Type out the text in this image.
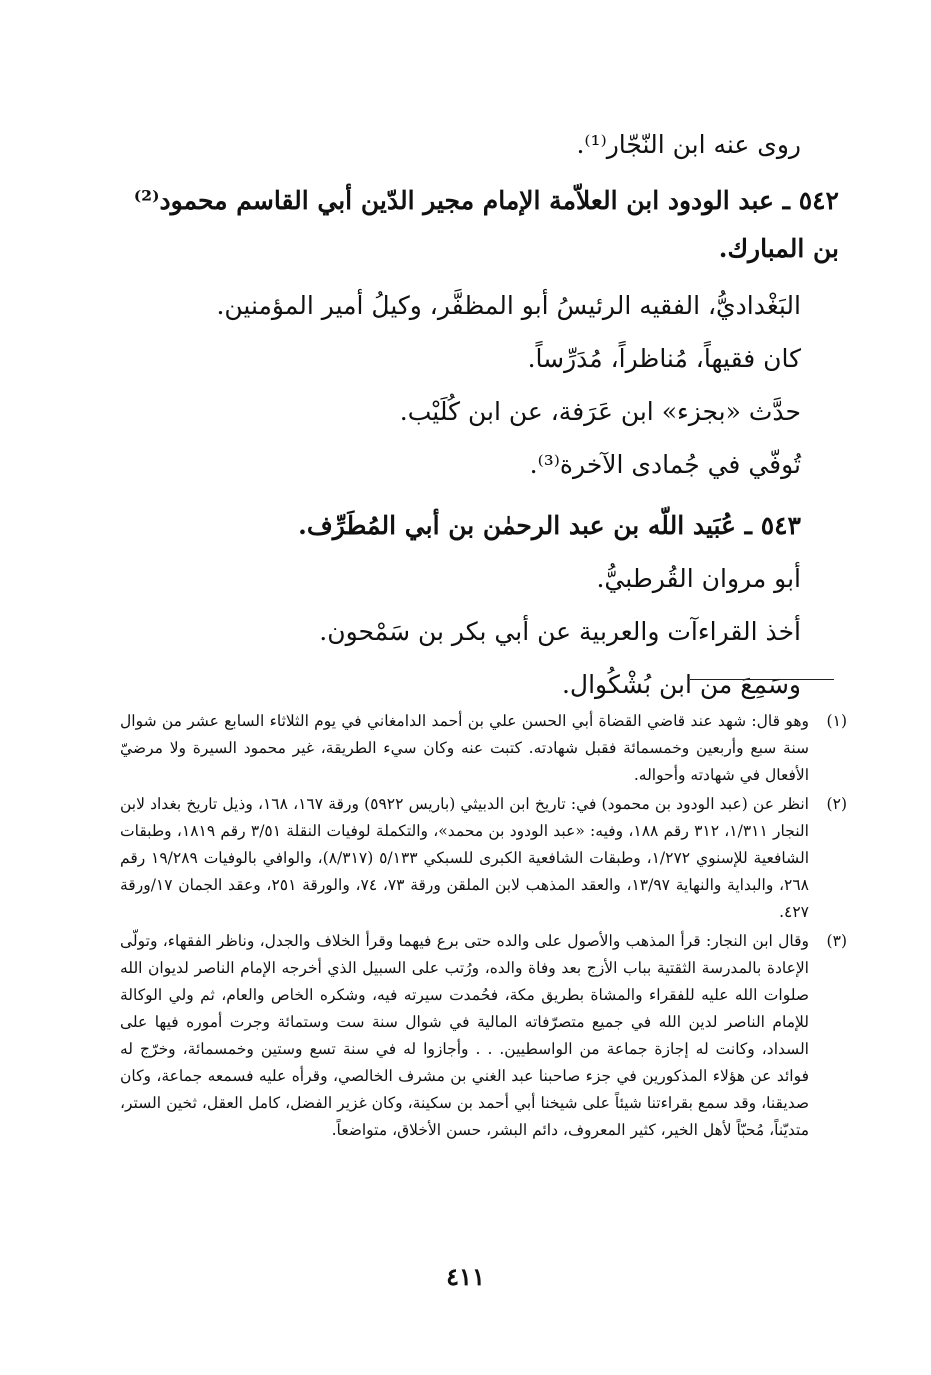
روى عنه ابن النّجّار⁽¹⁾.
٥٤٢ ـ عبد الودود ابن العلاّمة الإمام مجير الدّين أبي القاسم محمود⁽²⁾ بن المبارك.
البَغْداديُّ، الفقيه الرئيسُ أبو المظفَّر، وكيلُ أمير المؤمنين.
كان فقيهاً، مُناظراً، مُدَرِّساً.
حدَّث «بجزء» ابن عَرَفة، عن ابن كُلَيْب.
تُوفّي في جُمادى الآخرة⁽³⁾.
٥٤٣ ـ عُبَيد اللّه بن عبد الرحمٰن بن أبي المُطَرِّف.
أبو مروان القُرطبيُّ.
أخذ القراءآت والعربية عن أبي بكر بن سَمْحون.
وسَمِعَ من ابن بُشْكُوال.
(١)
وهو قال: شهد عند قاضي القضاة أبي الحسن علي بن أحمد الدامغاني في يوم الثلاثاء السابع عشر من شوال سنة سبع وأربعين وخمسمائة فقبل شهادته. كتبت عنه وكان سيء الطريقة، غير محمود السيرة ولا مرضيّ الأفعال في شهادته وأحواله.
(٢)
انظر عن (عبد الودود بن محمود) في: تاريخ ابن الدبيثي (باريس ٥٩٢٢) ورقة ١٦٧، ١٦٨، وذيل تاريخ بغداد لابن النجار ١/٣١١، ٣١٢ رقم ١٨٨، وفيه: «عبد الودود بن محمد»، والتكملة لوفيات النقلة ٣/٥١ رقم ١٨١٩، وطبقات الشافعية للإسنوي ١/٢٧٢، وطبقات الشافعية الكبرى للسبكي ٥/١٣٣ (٨/٣١٧)، والوافي بالوفيات ١٩/٢٨٩ رقم ٢٦٨، والبداية والنهاية ١٣/٩٧، والعقد المذهب لابن الملقن ورقة ٧٣، ٧٤، والورقة ٢٥١، وعقد الجمان ١٧/ورقة ٤٢٧.
(٣)
وقال ابن النجار: قرأ المذهب والأصول على والده حتى برع فيهما وقرأ الخلاف والجدل، وناظر الفقهاء، وتولّى الإعادة بالمدرسة الثقتية بباب الأزج بعد وفاة والده، ورُتب على السبيل الذي أخرجه الإمام الناصر لديوان الله صلوات الله عليه للفقراء والمشاة بطريق مكة، فحُمدت سيرته فيه، وشكره الخاص والعام، ثم ولي الوكالة للإمام الناصر لدين الله في جميع متصرّفاته المالية في شوال سنة ست وستمائة وجرت أموره فيها على السداد، وكانت له إجازة جماعة من الواسطيين. . . وأجازوا له في سنة تسع وستين وخمسمائة، وخرّج له فوائد عن هؤلاء المذكورين في جزء صاحبنا عبد الغني بن مشرف الخالصي، وقرأه عليه فسمعه جماعة، وكان صديقنا، وقد سمع بقراءتنا شيئاً على شيخنا أبي أحمد بن سكينة، وكان غزير الفضل، كامل العقل، ثخين الستر، متديّناً، مُحبّاً لأهل الخير، كثير المعروف، دائم البشر، حسن الأخلاق، متواضعاً.
٤١١
